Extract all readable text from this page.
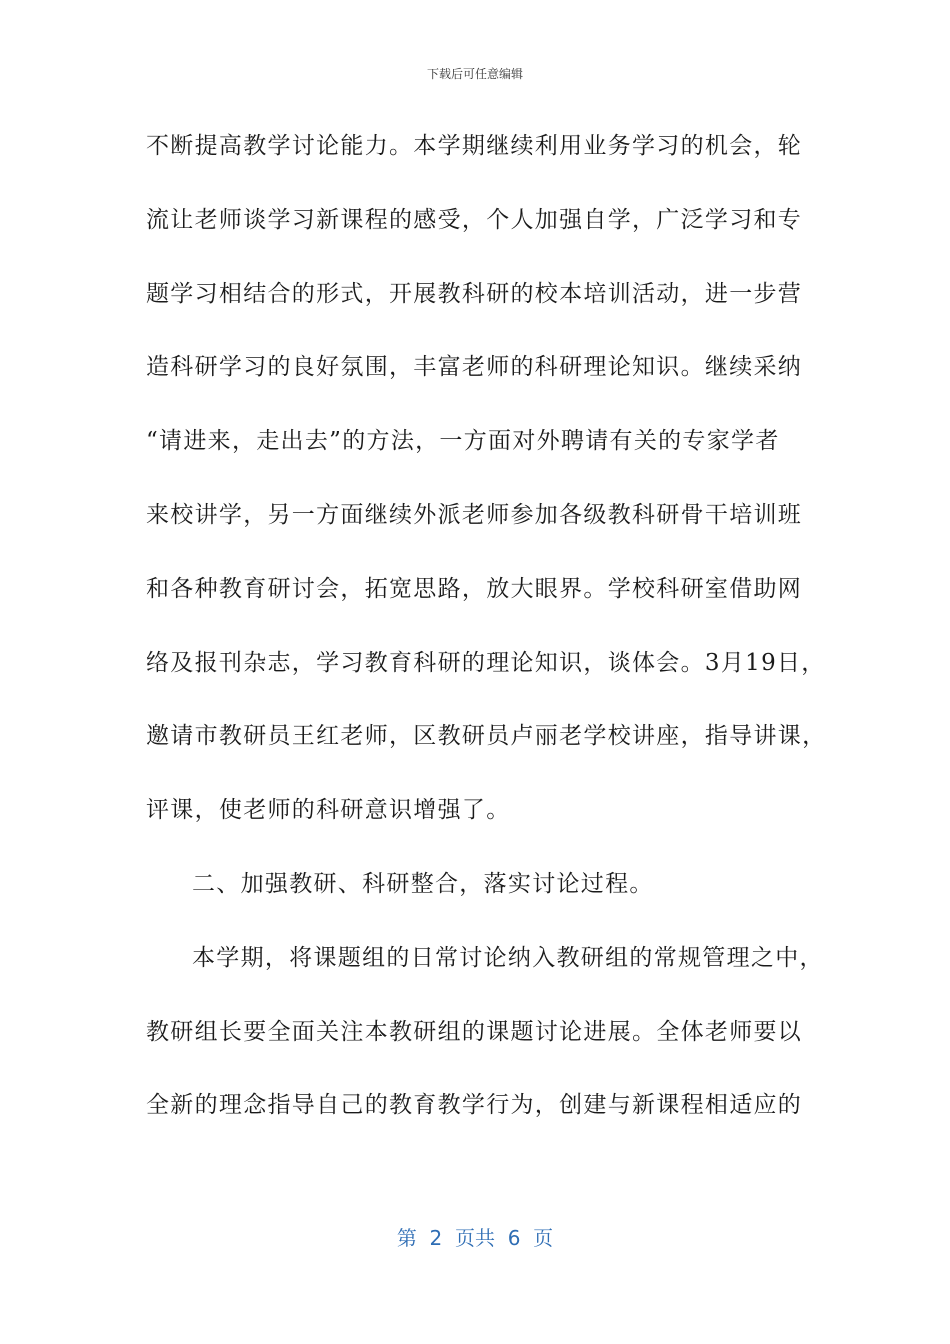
下载后可任意编辑
不断提高教学讨论能力。本学期继续利用业务学习的机会，轮
流让老师谈学习新课程的感受，个人加强自学，广泛学习和专
题学习相结合的形式，开展教科研的校本培训活动，进一步营
造科研学习的良好氛围，丰富老师的科研理论知识。继续采纳
“请进来，走出去”的方法，一方面对外聘请有关的专家学者
来校讲学，另一方面继续外派老师参加各级教科研骨干培训班
和各种教育研讨会，拓宽思路，放大眼界。学校科研室借助网
络及报刊杂志，学习教育科研的理论知识，谈体会。3月19日，
邀请市教研员王红老师，区教研员卢丽老学校讲座，指导讲课，
评课，使老师的科研意识增强了。
二、加强教研、科研整合，落实讨论过程。
本学期，将课题组的日常讨论纳入教研组的常规管理之中，
教研组长要全面关注本教研组的课题讨论进展。全体老师要以
全新的理念指导自己的教育教学行为，创建与新课程相适应的
第  2  页共  6  页
